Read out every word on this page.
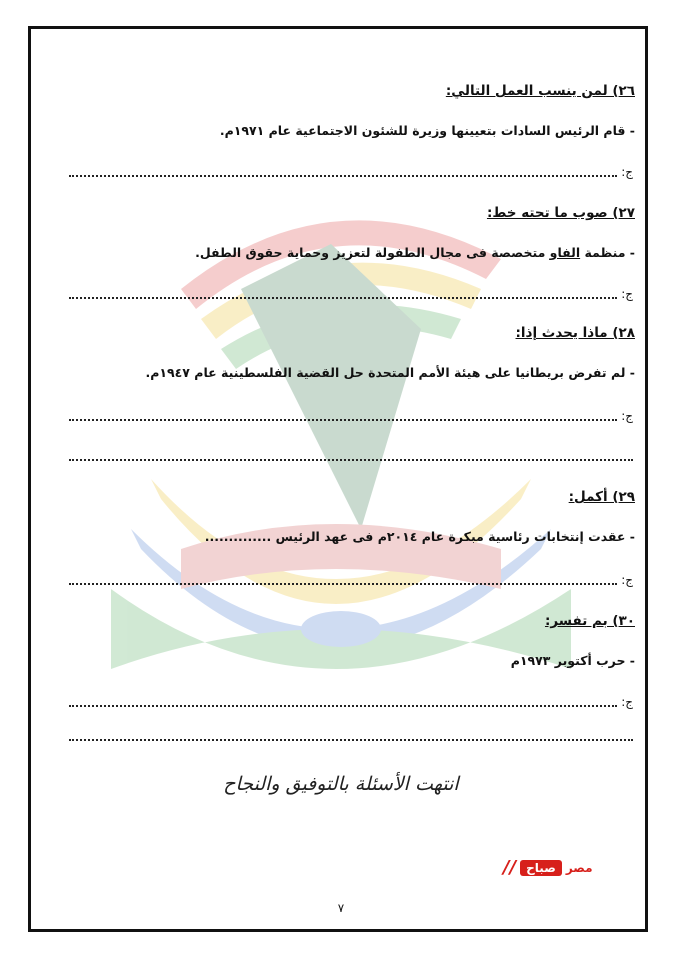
٢٦) لمن ينسب العمل التالي:
- قام الرئيس السادات بتعيينها وزيرة للشئون الاجتماعية عام ١٩٧١م.
ج:
٢٧) صوب ما تحته خط:
- منظمة الفاو متخصصة فى مجال الطفولة لتعزيز وحماية حقوق الطفل.
ج:
٢٨) ماذا يحدث إذا:
- لم تفرض بريطانيا على هيئة الأمم المتحدة حل القضية الفلسطينية عام ١٩٤٧م.
ج:
٢٩) أكمل:
- عقدت إنتخابات رئاسية مبكرة عام ٢٠١٤م فى عهد الرئيس ..............
ج:
٣٠) بم تفسر:
- حرب أكتوبر ١٩٧٣م
ج:
انتهت الأسئلة بالتوفيق والنجاح
// صباح مصر
٧
